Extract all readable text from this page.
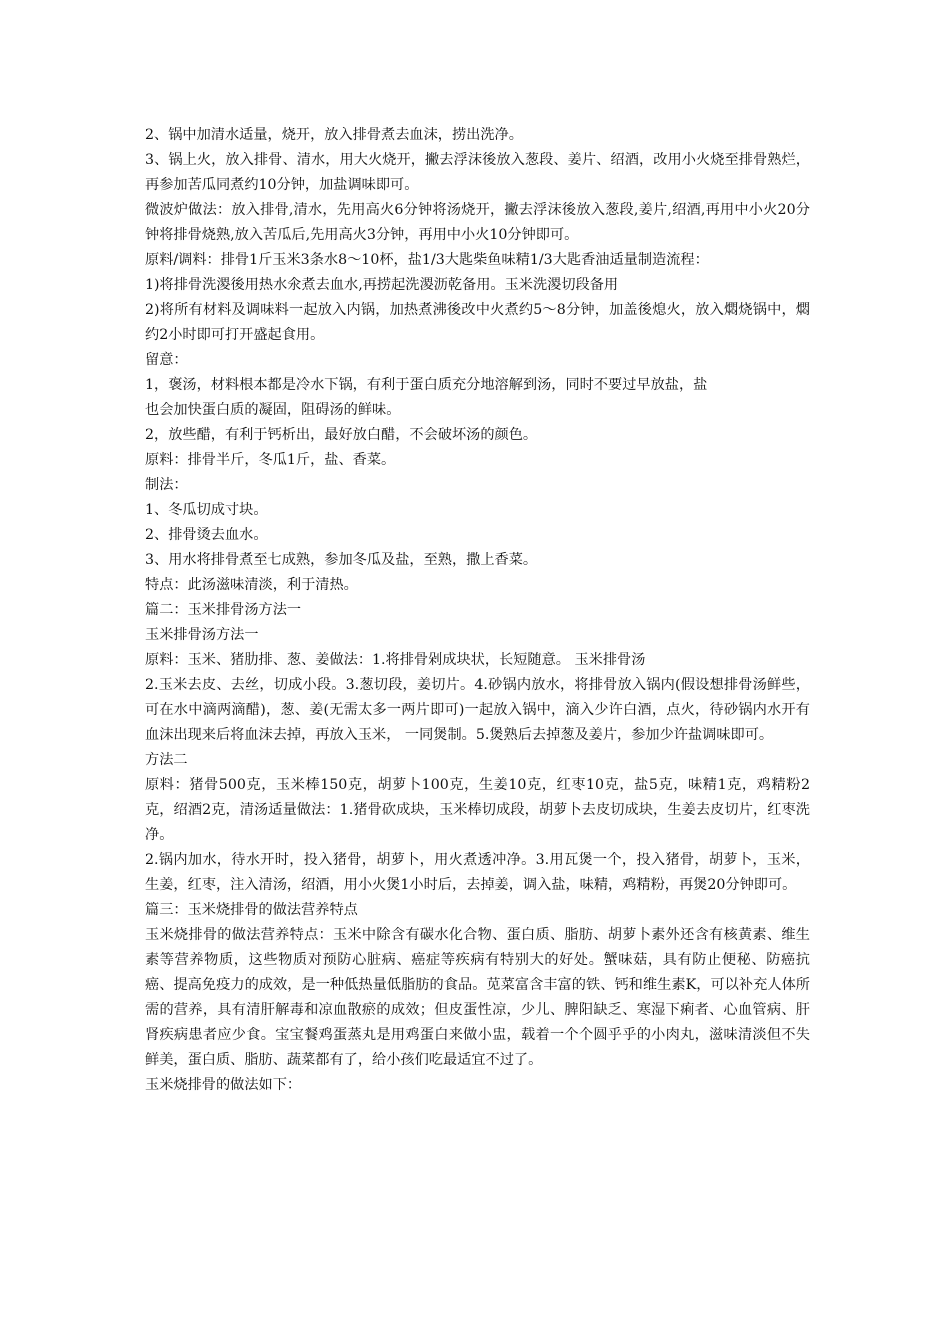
2、锅中加清水适量，烧开，放入排骨煮去血沫，捞出洗净。

3、锅上火，放入排骨、清水，用大火烧开，撇去浮沫後放入葱段、姜片、绍酒，改用小火烧至排骨熟烂，再参加苦瓜同煮约10分钟，加盐调味即可。

微波炉做法：放入排骨,清水，先用高火6分钟将汤烧开，撇去浮沫後放入葱段,姜片,绍酒,再用中小火20分钟将排骨烧熟,放入苦瓜后,先用高火3分钟，再用中小火10分钟即可。

原料/调料：排骨1斤玉米3条水8～10杯，盐1/3大匙柴鱼味精1/3大匙香油适量制造流程：

1)将排骨洗溭後用热水氽煮去血水,再捞起洗溭沥乾备用。玉米洗溭切段备用

2)将所有材料及调味料一起放入内锅，加热煮沸後改中火煮约5～8分钟，加盖後熄火，放入燜烧锅中，燜约2小时即可打开盛起食用。

留意：

1，褒汤，材料根本都是冷水下锅，有利于蛋白质充分地溶解到汤，同时不要过早放盐，盐

也会加快蛋白质的凝固，阻碍汤的鲜味。

2，放些醋，有利于钙析出，最好放白醋，不会破坏汤的颜色。

原料：排骨半斤，冬瓜1斤，盐、香菜。

制法：

1、冬瓜切成寸块。

2、排骨烫去血水。

3、用水将排骨煮至七成熟，参加冬瓜及盐，至熟，撒上香菜。

特点：此汤滋味清淡，利于清热。

篇二：玉米排骨汤方法一

玉米排骨汤方法一

原料：玉米、猪肋排、葱、姜做法：1.将排骨剁成块状，长短随意。 玉米排骨汤

2.玉米去皮、去丝，切成小段。3.葱切段，姜切片。4.砂锅内放水，将排骨放入锅内(假设想排骨汤鲜些，可在水中滴两滴醋)，葱、姜(无需太多一两片即可)一起放入锅中，滴入少许白酒，点火，待砂锅内水开有血沫出现来后将血沫去掉，再放入玉米， 一同煲制。5.煲熟后去掉葱及姜片，参加少许盐调味即可。

方法二

原料：猪骨500克，玉米棒150克，胡萝卜100克，生姜10克，红枣10克，盐5克，味精1克，鸡精粉2克，绍酒2克，清汤适量做法：1.猪骨砍成块，玉米棒切成段，胡萝卜去皮切成块，生姜去皮切片，红枣洗净。

2.锅内加水，待水开时，投入猪骨，胡萝卜，用火煮透冲净。3.用瓦煲一个，投入猪骨，胡萝卜，玉米，生姜，红枣，注入清汤，绍酒，用小火煲1小时后，去掉姜，调入盐，味精，鸡精粉，再煲20分钟即可。

篇三：玉米烧排骨的做法营养特点

玉米烧排骨的做法营养特点：玉米中除含有碳水化合物、蛋白质、脂肪、胡萝卜素外还含有核黄素、维生素等营养物质，这些物质对预防心脏病、癌症等疾病有特别大的好处。蟹味菇，具有防止便秘、防癌抗癌、提高免疫力的成效，是一种低热量低脂肪的食品。苋菜富含丰富的铁、钙和维生素K，可以补充人体所需的营养，具有清肝解毒和凉血散瘀的成效；但皮蛋性凉，少儿、脾阳缺乏、寒湿下痢者、心血管病、肝肾疾病患者应少食。宝宝餐鸡蛋蒸丸是用鸡蛋白来做小盅，载着一个个圆乎乎的小肉丸，滋味清淡但不失鲜美，蛋白质、脂肪、蔬菜都有了，给小孩们吃最适宜不过了。

玉米烧排骨的做法如下：
